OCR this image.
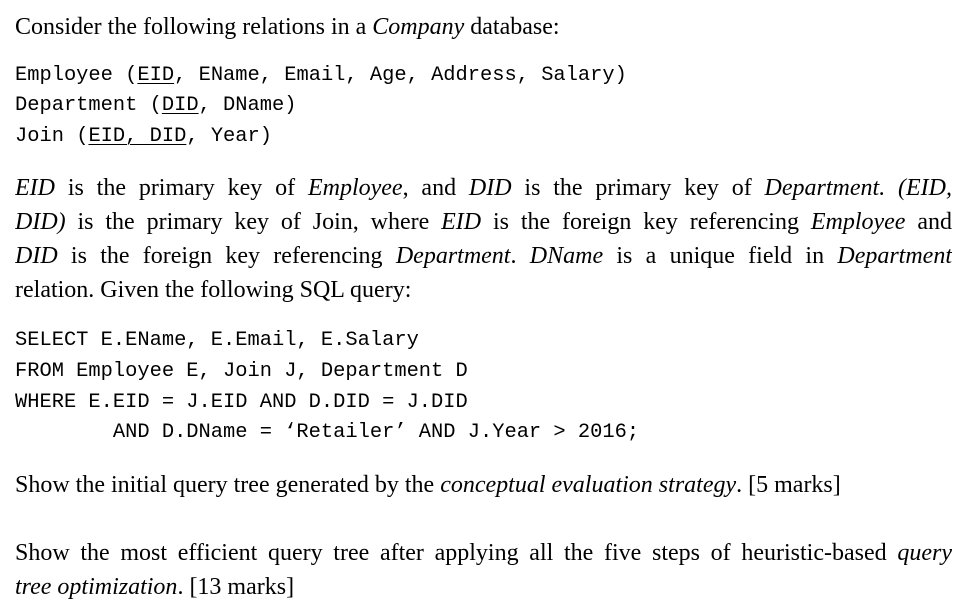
Consider the following relations in a Company database:
Employee (EID, EName, Email, Age, Address, Salary)
Department (DID, DName)
Join (EID, DID, Year)
EID is the primary key of Employee, and DID is the primary key of Department. (EID,
DID) is the primary key of Join, where EID is the foreign key referencing Employee and
DID is the foreign key referencing Department. DName is a unique field in Department
relation. Given the following SQL query:
SELECT E.EName, E.Email, E.Salary
FROM Employee E, Join J, Department D
WHERE E.EID = J.EID AND D.DID = J.DID
AND D.DName = ‘Retailer’ AND J.Year > 2016;
Show the initial query tree generated by the conceptual evaluation strategy. [5 marks]
Show the most efficient query tree after applying all the five steps of heuristic-based query
tree optimization. [13 marks]
